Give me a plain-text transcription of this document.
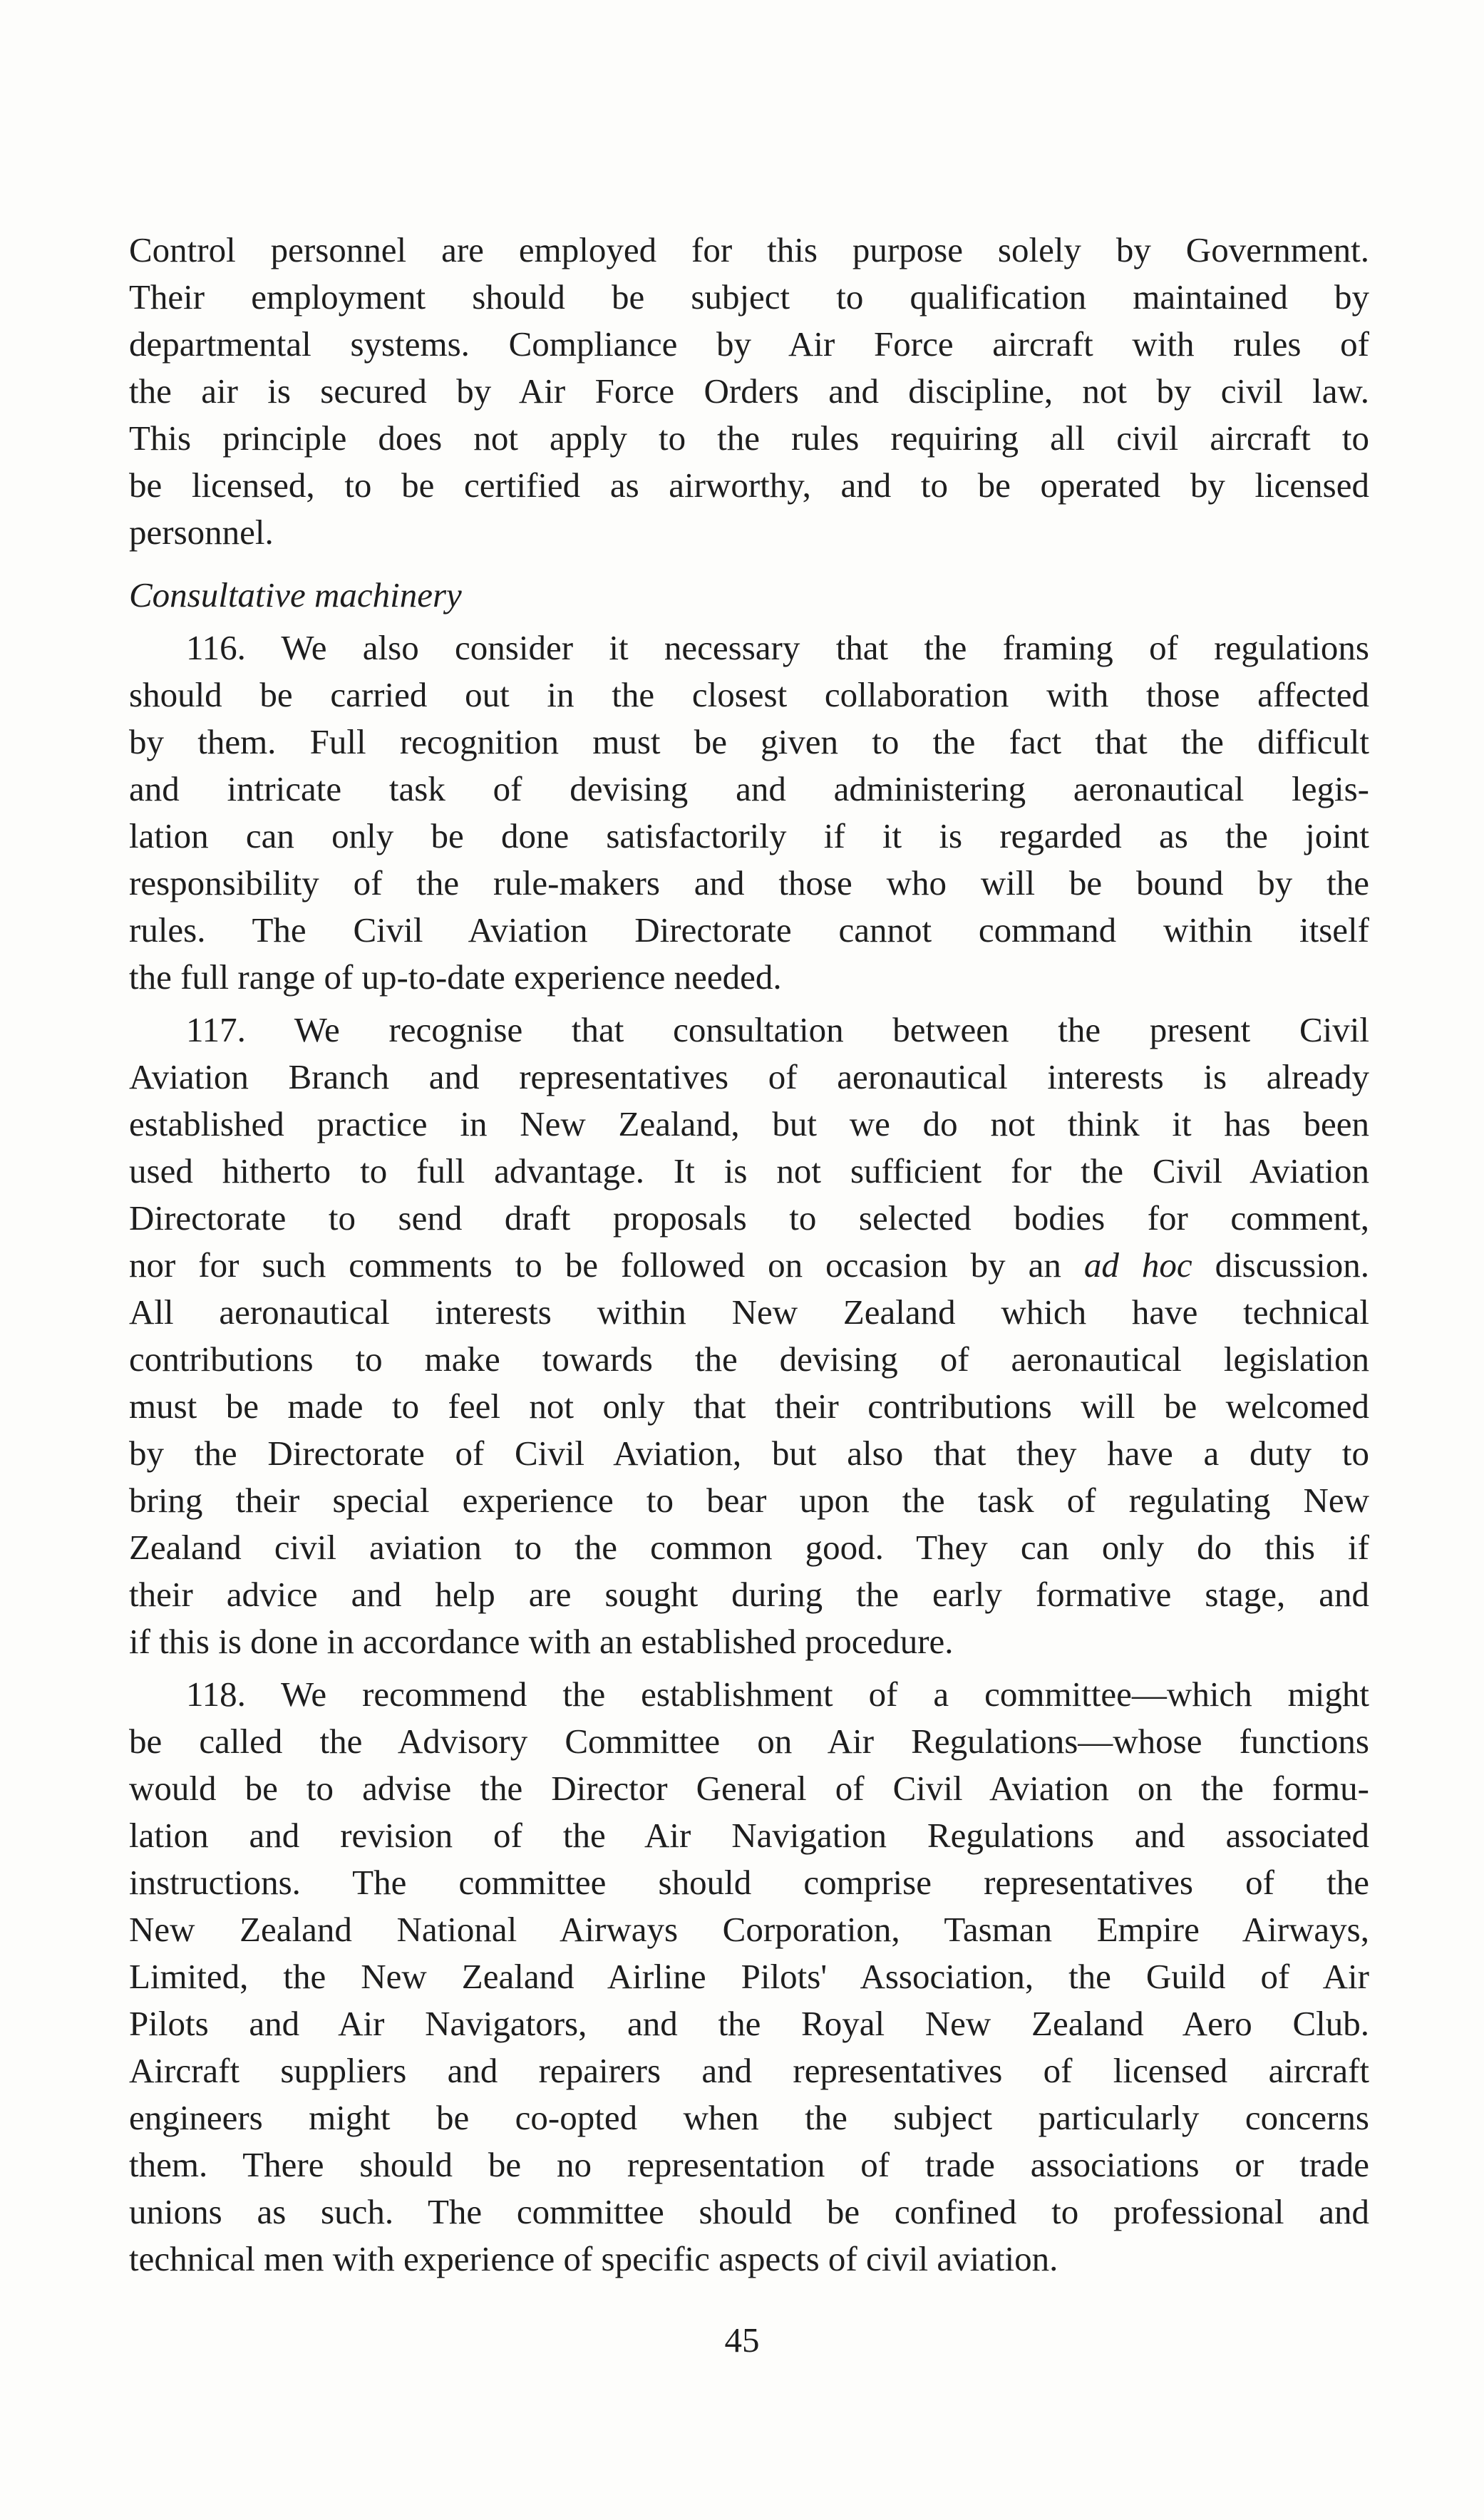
Control personnel are employed for this purpose solely by Government.
Their employment should be subject to qualification maintained by
departmental systems. Compliance by Air Force aircraft with rules of
the air is secured by Air Force Orders and discipline, not by civil law.
This principle does not apply to the rules requiring all civil aircraft to
be licensed, to be certified as airworthy, and to be operated by licensed
personnel.
Consultative machinery
116. We also consider it necessary that the framing of regulations
should be carried out in the closest collaboration with those affected
by them. Full recognition must be given to the fact that the difficult
and intricate task of devising and administering aeronautical legis-
lation can only be done satisfactorily if it is regarded as the joint
responsibility of the rule-makers and those who will be bound by the
rules. The Civil Aviation Directorate cannot command within itself
the full range of up-to-date experience needed.
117. We recognise that consultation between the present Civil
Aviation Branch and representatives of aeronautical interests is already
established practice in New Zealand, but we do not think it has been
used hitherto to full advantage. It is not sufficient for the Civil Aviation
Directorate to send draft proposals to selected bodies for comment,
nor for such comments to be followed on occasion by an ad hoc discussion.
All aeronautical interests within New Zealand which have technical
contributions to make towards the devising of aeronautical legislation
must be made to feel not only that their contributions will be welcomed
by the Directorate of Civil Aviation, but also that they have a duty to
bring their special experience to bear upon the task of regulating New
Zealand civil aviation to the common good. They can only do this if
their advice and help are sought during the early formative stage, and
if this is done in accordance with an established procedure.
118. We recommend the establishment of a committee—which might
be called the Advisory Committee on Air Regulations—whose functions
would be to advise the Director General of Civil Aviation on the formu-
lation and revision of the Air Navigation Regulations and associated
instructions. The committee should comprise representatives of the
New Zealand National Airways Corporation, Tasman Empire Airways,
Limited, the New Zealand Airline Pilots' Association, the Guild of Air
Pilots and Air Navigators, and the Royal New Zealand Aero Club.
Aircraft suppliers and repairers and representatives of licensed aircraft
engineers might be co-opted when the subject particularly concerns
them. There should be no representation of trade associations or trade
unions as such. The committee should be confined to professional and
technical men with experience of specific aspects of civil aviation.
45
